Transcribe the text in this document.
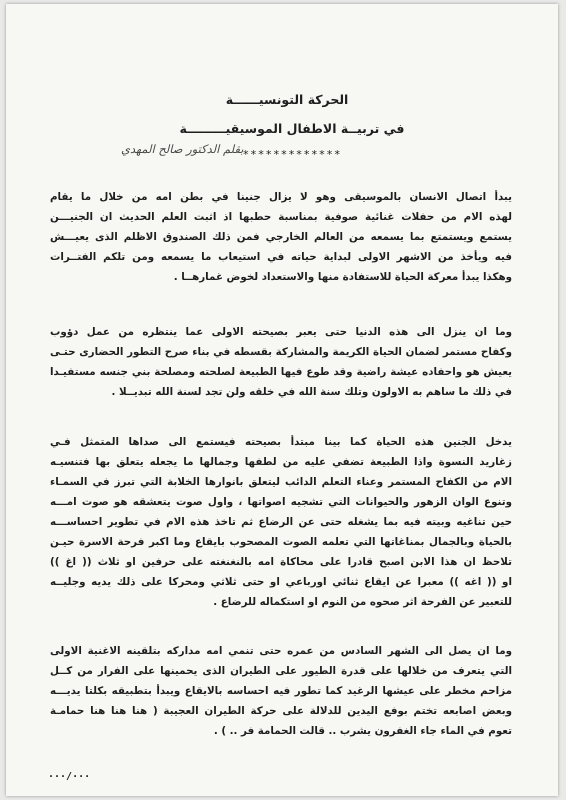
الحركة التونسيــــــة
في تربيــة الاطفال الموسيقيـــــــــة
*************
بقلم الدكتور صالح المهدي
يبدأ اتصال الانسان بالموسيقى وهو لا يزال جنينا في بطن امه من خلال ما يقام
لهذه الام من حفلات غنائية صوفية بمناسبة حطبها اذ اثبت العلم الحديث ان الجنيـــن
يستمع ويستمتع بما يسمعه من العالم الخارجي فمن ذلك الصندوق الاظلم الذى يعيـــش
فيه ويأخذ من الاشهر الاولى لبداية حياته في استيعاب ما يسمعه ومن تلكم الفتــرات
وهكذا يبدأ معركة الحياة للاستفادة منها والاستعداد لخوض غمارهــا .
وما ان ينزل الى هذه الدنيا حتى يعبر بصيحته الاولى عما ينتظره من عمل دؤوب
وكفاح مستمر لضمان الحياة الكريمة والمشاركة بقسطه في بناء صرح التطور الحضارى حتـى
يعيش هو واحفاده عيشة راضية وقد طوع فيها الطبيعة لصلحته ومصلحة بني جنسه مستفيـدا
في ذلك ما ساهم به الاولون وتلك سنة الله في خلقه ولن تجد لسنة الله تبديــلا .
يدخل الجنين هذه الحياة كما بينا مبتدأ بصيحته فيستمع الى صداها المتمثل فـي
زغاريد النسوة واذا الطبيعة تضفي عليه من لطفها وجمالها ما يجعله يتعلق بها فتنسيـه
الام من الكفاح المستمر وعناء التعلم الدائب ليتعلق بانوارها الخلابة التي تبرز في السمـاء
وتنوع الوان الزهور والحيوانات التي تشجيه اصواتها ، واول صوت يتعشقه هو صوت امـــه
حين تناغيه وبيته فيه بما يشغله حتى عن الرضاع ثم تاخذ هذه الام في تطوير احساســـه
بالحياة وبالجمال بمناغاتها التي تعلمه الصوت المصحوب بايقاع وما اكبر فرحة الاسرة حيـن
تلاحظ ان هذا الابن اصبح قادرا على محاكاة امه بالنغنغته على حرفين او ثلاث (( اغ ))
او (( اغه )) معبرا عن ايقاع ثنائي اورباعي او حتى ثلاثي ومحركا على ذلك يديه وجليــه
للتعبير عن الفرحة اثر صحوه من النوم او استكماله للرضاع .
وما ان يصل الى الشهر السادس من عمره حتى تنمي امه مداركه بتلقينه الاغنية الاولى
التي يتعرف من خلالها على قدرة الطيور على الطيران الذى يحمينها على الفرار من كــل
مزاحم مخطر على عيشها الرغيد كما تطور فيه احساسه بالايقاع ويبدأ بتطبيقه بكلتا يديـــه
وبعض اصابعه تختم بوفع اليدين للدلالة على حركة الطيران العجيبة ( هنا هنا هنا حمامـة
تعوم في الماء جاء الغفرون يشرب .. قالت الحمامة فر .. ) .
٠٠٠/٠٠٠
